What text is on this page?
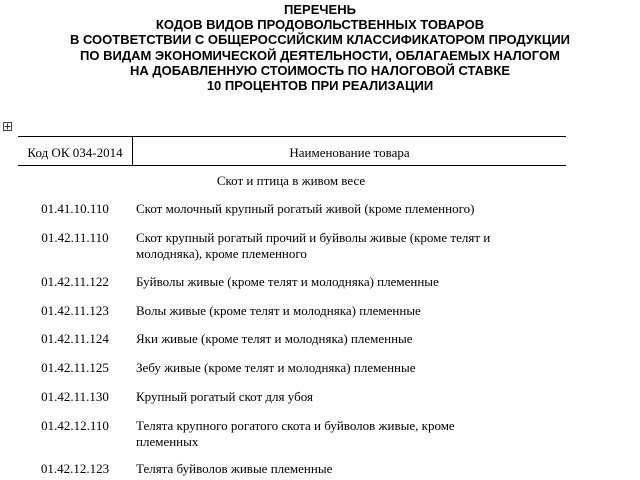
ПЕРЕЧЕНЬ
КОДОВ ВИДОВ ПРОДОВОЛЬСТВЕННЫХ ТОВАРОВ
В СООТВЕТСТВИИ С ОБЩЕРОССИЙСКИМ КЛАССИФИКАТОРОМ ПРОДУКЦИИ
ПО ВИДАМ ЭКОНОМИЧЕСКОЙ ДЕЯТЕЛЬНОСТИ, ОБЛАГАЕМЫХ НАЛОГОМ
НА ДОБАВЛЕННУЮ СТОИМОСТЬ ПО НАЛОГОВОЙ СТАВКЕ
10 ПРОЦЕНТОВ ПРИ РЕАЛИЗАЦИИ
Код ОК 034-2014	Наименование товара
Скот и птица в живом весе
01.41.10.110	Скот молочный крупный рогатый живой (кроме племенного)
01.42.11.110	Скот крупный рогатый прочий и буйволы живые (кроме телят и молодняка), кроме племенного
01.42.11.122	Буйволы живые (кроме телят и молодняка) племенные
01.42.11.123	Волы живые (кроме телят и молодняка) племенные
01.42.11.124	Яки живые (кроме телят и молодняка) племенные
01.42.11.125	Зебу живые (кроме телят и молодняка) племенные
01.42.11.130	Крупный рогатый скот для убоя
01.42.12.110	Телята крупного рогатого скота и буйволов живые, кроме племенных
01.42.12.123	Телята буйволов живые племенные
